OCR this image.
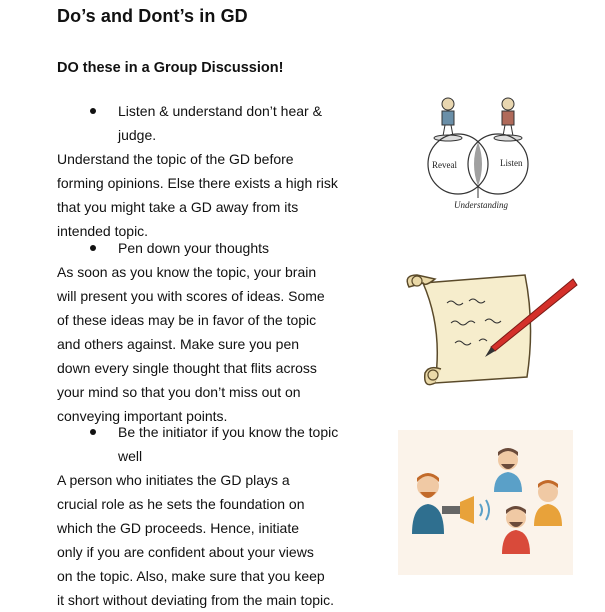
Do’s and Dont’s in GD
DO these in a Group Discussion!
Listen & understand don’t hear &
judge.
Understand the topic of the GD before
forming opinions. Else there exists a high risk
that you might take a GD away from its
intended topic.
Pen down your thoughts
As soon as you know the topic, your brain
will present you with scores of ideas. Some
of these ideas may be in favor of the topic
and others against. Make sure you pen
down every single thought that flits across
your mind so that you don’t miss out on
conveying important points.
Be the initiator if you know the topic
well
A person who initiates the GD plays a
crucial role as he sets the foundation on
which the GD proceeds. Hence, initiate
only if you are confident about your views
on the topic. Also, make sure that you keep
it short without deviating from the main topic.
Reveal	Listen
Understanding
